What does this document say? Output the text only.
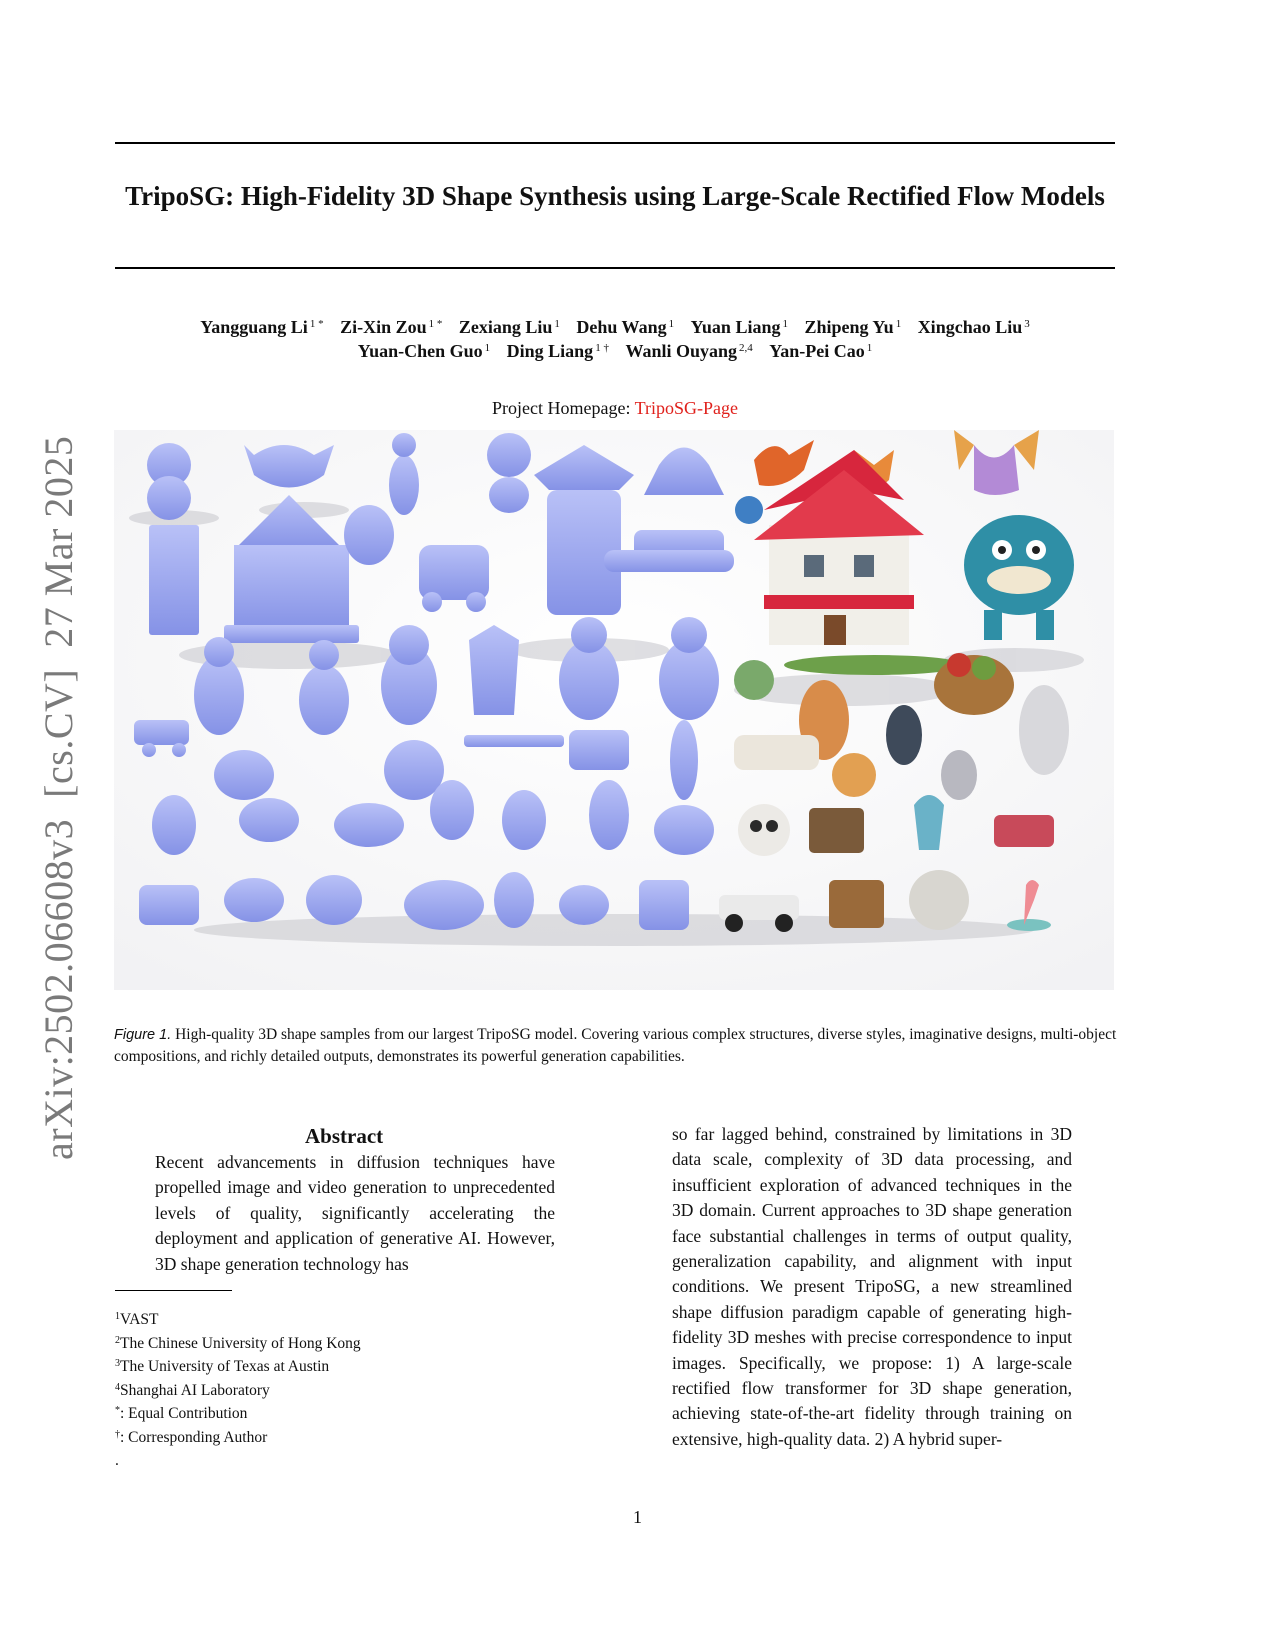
TripoSG: High-Fidelity 3D Shape Synthesis using Large-Scale Rectified Flow Models
Yangguang Li $^{1 *}$ Zi-Xin Zou $^{1 *}$ Zexiang Liu $^1$ Dehu Wang $^1$ Yuan Liang $^1$ Zhipeng Yu $^1$ Xingchao Liu $^3$
Yuan-Chen Guo $^1$ Ding Liang $^{1 \dagger}$ Wanli Ouyang $^{2,4}$ Yan-Pei Cao $^1$
Project Homepage: TripoSG-Page
Figure 1. High-quality 3D shape samples from our largest TripoSG model. Covering various complex structures, diverse styles, imaginative designs, multi-object compositions, and richly detailed outputs, demonstrates its powerful generation capabilities.
arXiv:2502.06608v3  [cs.CV]  27 Mar 2025	Abstract
Recent advancements in diffusion techniques have propelled image and video generation to unprecedented levels of quality, significantly accelerating the deployment and application of generative AI. However, 3D shape generation technology has
so far lagged behind, constrained by limitations in 3D data scale, complexity of 3D data processing, and insufficient exploration of advanced techniques in the 3D domain. Current approaches to 3D shape generation face substantial challenges in terms of output quality, generalization capability, and alignment with input conditions. We present TripoSG, a new streamlined shape diffusion paradigm capable of generating high-fidelity 3D meshes with precise correspondence to input images. Specifically, we propose: 1) A large-scale rectified flow transformer for 3D shape generation, achieving state-of-the-art fidelity through training on extensive, high-quality data. 2) A hybrid super-
$^1$VAST
$^2$The Chinese University of Hong Kong
$^3$The University of Texas at Austin
$^4$Shanghai AI Laboratory
*: Equal Contribution
†: Corresponding Author
.
1
